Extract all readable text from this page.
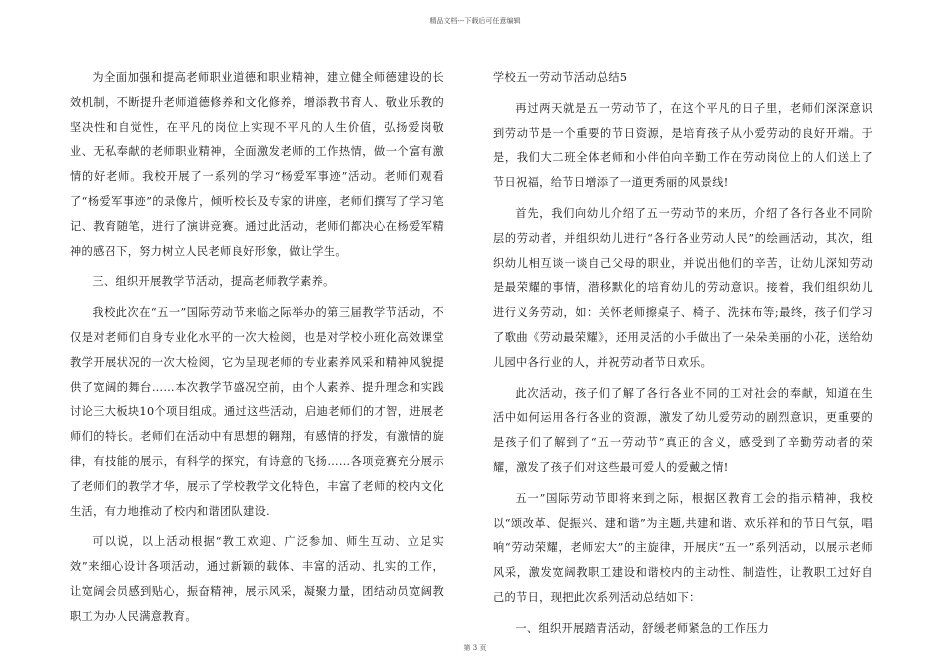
精品文档---下载后可任意编辑

为全面加强和提高老师职业道德和职业精神，建立健全师德建设的长效机制，不断提升老师道德修养和文化修养，增添教书育人、敬业乐教的坚决性和自觉性，在平凡的岗位上实现不平凡的人生价值，弘扬爱岗敬业、无私奉献的老师职业精神，全面激发老师的工作热情，做一个富有激情的好老师。我校开展了一系列的学习“杨爱军事迹”活动。老师们观看了“杨爱军事迹”的录像片，倾听校长及专家的讲座，老师们撰写了学习笔记、教育随笔，进行了演讲竞赛。通过此活动，老师们都决心在杨爱军精神的感召下，努力树立人民老师良好形象，做让学生。

三、组织开展教学节活动，提高老师教学素养。

我校此次在“五一”国际劳动节来临之际举办的第三届教学节活动，不仅是对老师们自身专业化水平的一次大检阅，也是对学校小班化高效课堂教学开展状况的一次大检阅，它为呈现老师的专业素养风采和精神风貌提供了宽阔的舞台……本次教学节盛况空前，由个人素养、提升理念和实践讨论三大板块10个项目组成。通过这些活动，启迪老师们的才智，进展老师们的特长。老师们在活动中有思想的翱翔，有感情的抒发，有激情的旋律，有技能的展示，有科学的探究，有诗意的飞扬……各项竞赛充分展示了老师们的教学才华，展示了学校教学文化特色，丰富了老师的校内文化生活，有力地推动了校内和谐团队建设.

可以说，以上活动根据“教工欢迎、广泛参加、师生互动、立足实效”来细心设计各项活动，通过新颖的载体、丰富的活动、扎实的工作，让宽阔会员感到贴心，振奋精神，展示风采，凝聚力量，团结动员宽阔教职工为办人民满意教育。

学校五一劳动节活动总结5

再过两天就是五一劳动节了，在这个平凡的日子里，老师们深深意识到劳动节是一个重要的节日资源，是培育孩子从小爱劳动的良好开端。于是，我们大二班全体老师和小伴伯向辛勤工作在劳动岗位上的人们送上了节日祝福，给节日增添了一道更秀丽的风景线!

首先，我们向幼儿介绍了五一劳动节的来历，介绍了各行各业不同阶层的劳动者，并组织幼儿进行“各行各业劳动人民”的绘画活动，其次，组织幼儿相互谈一谈自己父母的职业，并说出他们的辛苦，让幼儿深知劳动是最荣耀的事情，潜移默化的培育幼儿的劳动意识。接着，我们组织幼儿进行义务劳动，如：关怀老师擦桌子、椅子、洗抹布等;最终，孩子们学习了歌曲《劳动最荣耀》，还用灵活的小手做出了一朵朵美丽的小花，送给幼儿园中各行业的人，并祝劳动者节日欢乐。

此次活动，孩子们了解了各行各业不同的工对社会的奉献，知道在生活中如何运用各行各业的资源，激发了幼儿爱劳动的剧烈意识，更重要的是孩子们了解到了“五一劳动节”真正的含义，感受到了辛勤劳动者的荣耀，激发了孩子们对这些最可爱人的爱戴之情!

五一”国际劳动节即将来到之际，根据区教育工会的指示精神，我校以“颂改革、促振兴、建和谐”为主题,共建和谐、欢乐祥和的节日气氛，唱响“劳动荣耀，老师宏大”的主旋律，开展庆“五一”系列活动，以展示老师风采，激发宽阔教职工建设和谐校内的主动性、制造性，让教职工过好自己的节日，现把此次系列活动总结如下：

一、组织开展踏青活动，舒缓老师紧急的工作压力

第 3 页
